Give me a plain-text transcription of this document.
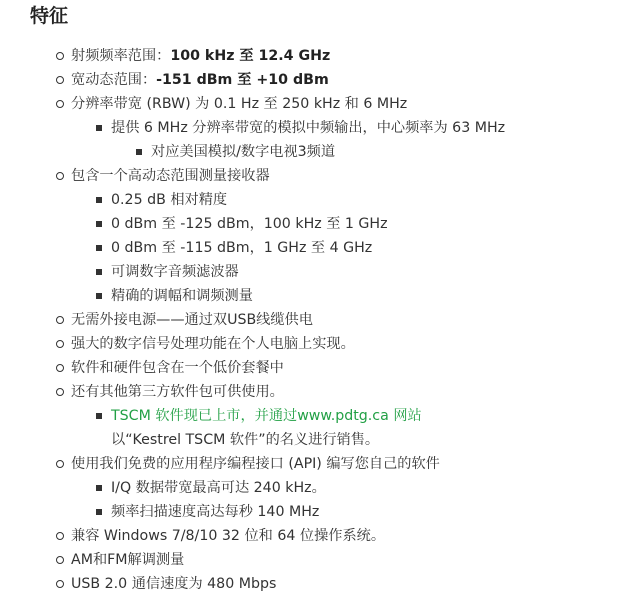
特征
射频频率范围：100 kHz 至 12.4 GHz
宽动态范围：-151 dBm 至 +10 dBm
分辨率带宽 (RBW) 为 0.1 Hz 至 250 kHz 和 6 MHz
提供 6 MHz 分辨率带宽的模拟中频输出，中心频率为 63 MHz
对应美国模拟/数字电视3频道
包含一个高动态范围测量接收器
0.25 dB 相对精度
0 dBm 至 -125 dBm，100 kHz 至 1 GHz
0 dBm 至 -115 dBm，1 GHz 至 4 GHz
可调数字音频滤波器
精确的调幅和调频测量
无需外接电源——通过双USB线缆供电
强大的数字信号处理功能在个人电脑上实现。
软件和硬件包含在一个低价套餐中
还有其他第三方软件包可供使用。
TSCM 软件现已上市，并通过www.pdtg.ca 网站
以“Kestrel TSCM 软件”的名义进行销售。
使用我们免费的应用程序编程接口 (API) 编写您自己的软件
I/Q 数据带宽最高可达 240 kHz。
频率扫描速度高达每秒 140 MHz
兼容 Windows 7/8/10 32 位和 64 位操作系统。
AM和FM解调测量
USB 2.0 通信速度为 480 Mbps
